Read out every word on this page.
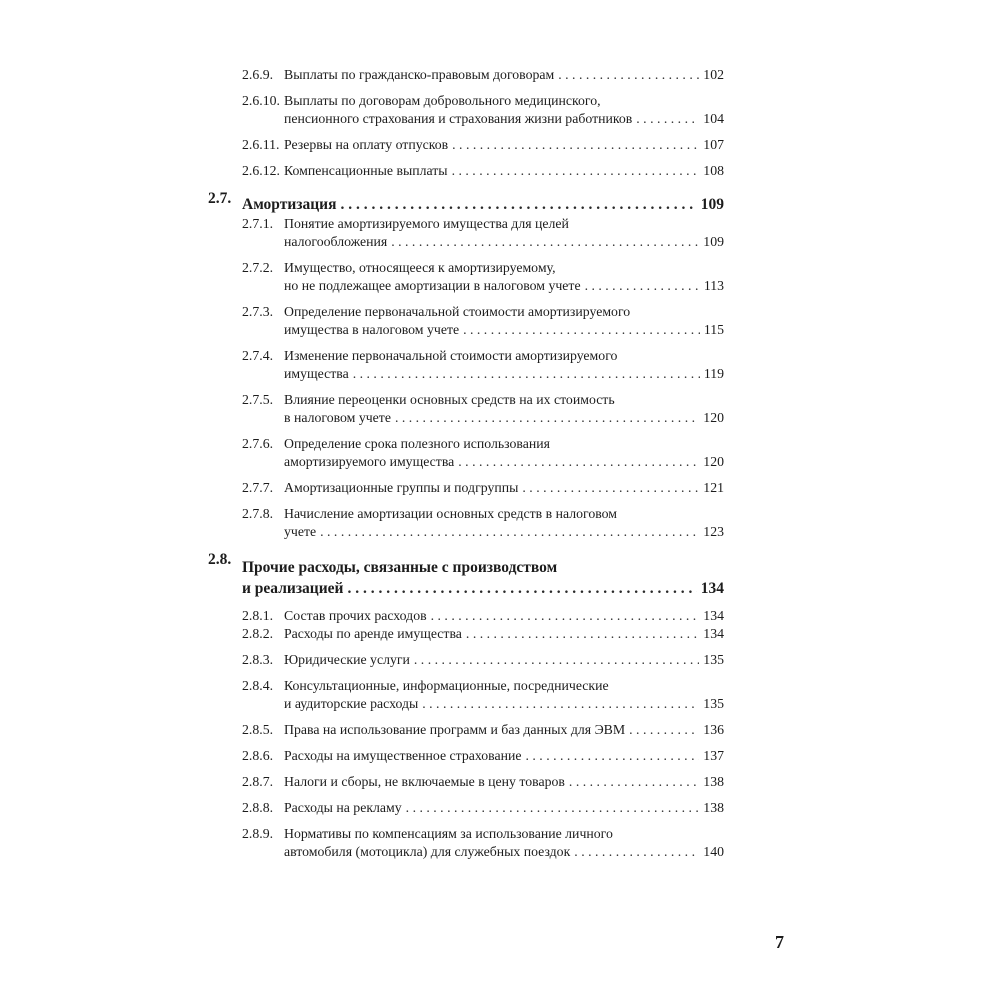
2.6.9. Выплаты по гражданско-правовым договорам . . .	102
2.6.10. Выплаты по договорам добровольного медицинского,
пенсионного страхования и страхования жизни работников . . .	104
2.6.11. Резервы на оплату отпусков . . .	107
2.6.12. Компенсационные выплаты . . .	108
2.7. Амортизация . . .	109
2.7.1. Понятие амортизируемого имущества для целей
налогообложения . . .	109
2.7.2. Имущество, относящееся к амортизируемому,
но не подлежащее амортизации в налоговом учете . . .	113
2.7.3. Определение первоначальной стоимости амортизируемого
имущества в налоговом учете . . .	115
2.7.4. Изменение первоначальной стоимости амортизируемого
имущества . . .	119
2.7.5. Влияние переоценки основных средств на их стоимость
в налоговом учете . . .	120
2.7.6. Определение срока полезного использования
амортизируемого имущества . . .	120
2.7.7. Амортизационные группы и подгруппы . . .	121
2.7.8. Начисление амортизации основных средств в налоговом
учете . . .	123
2.8. Прочие расходы, связанные с производством
и реализацией . . .	134
2.8.1. Состав прочих расходов . . .	134
2.8.2. Расходы по аренде имущества . . .	134
2.8.3. Юридические услуги . . .	135
2.8.4. Консультационные, информационные, посреднические
и аудиторские расходы . . .	135
2.8.5. Права на использование программ и баз данных для ЭВМ . . .	136
2.8.6. Расходы на имущественное страхование . . .	137
2.8.7. Налоги и сборы, не включаемые в цену товаров . . .	138
2.8.8. Расходы на рекламу . . .	138
2.8.9. Нормативы по компенсациям за использование личного
автомобиля (мотоцикла) для служебных поездок . . .	140
7
